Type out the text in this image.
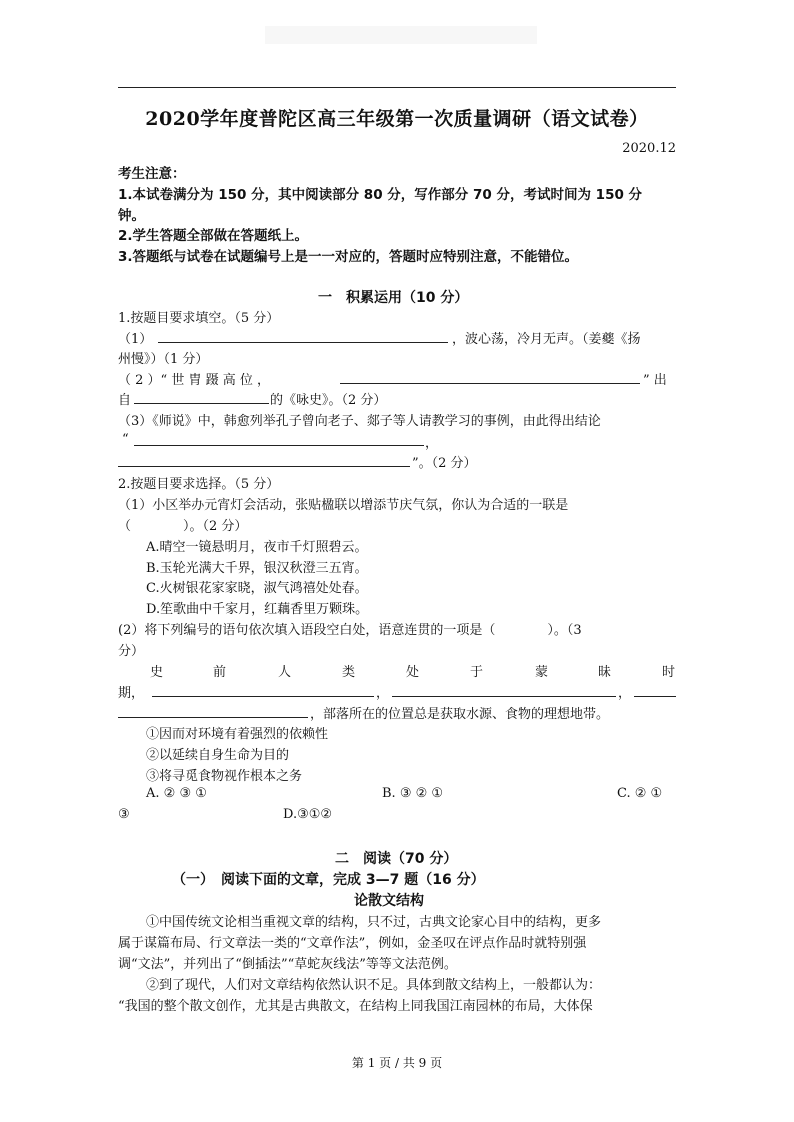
2020学年度普陀区高三年级第一次质量调研（语文试卷）
2020.12
考生注意：
1.本试卷满分为 150 分，其中阅读部分 80 分，写作部分 70 分，考试时间为 150 分
钟。
2.学生答题全部做在答题纸上。
3.答题纸与试卷在试题编号上是一一对应的，答题时应特别注意，不能错位。
一　积累运用（10 分）
1.按题目要求填空。（5 分）
（1）	，波心荡，冷月无声。（姜夔《扬
州慢》）（1 分）
（ 2 ）“ 世 胄 蹑 高 位 ，	” 出
自	的《咏史》。（2 分）
（3）《师说》中，韩愈列举孔子曾向老子、郯子等人请教学习的事例，由此得出结论
“	，
”。（2 分）
2.按题目要求选择。（5 分）
（1）小区举办元宵灯会活动，张贴楹联以增添节庆气氛，你认为合适的一联是
（　　　　）。（2 分）
A.晴空一镜悬明月，夜市千灯照碧云。
B.玉轮光满大千界，银汉秋澄三五宵。
C.火树银花家家晓，淑气鸿禧处处春。
D.笙歌曲中千家月，红藕香里万颗珠。
(2）将下列编号的语句依次填入语段空白处，语意连贯的一项是（　　　　）。（3
分）
史	前	人	类	处	于	蒙	昧	时
期，	，	，
，部落所在的位置总是获取水源、食物的理想地带。
①因而对环境有着强烈的依赖性
②以延续自身生命为目的
③将寻觅食物视作根本之务
A. ② ③ ①	B. ③ ② ①	C. ② ①
③	D.③①②
二　阅读（70 分）
（一）　阅读下面的文章，完成 3—7 题（16 分）
论散文结构
①中国传统文论相当重视文章的结构，只不过，古典文论家心目中的结构，更多
属于谋篇布局、行文章法一类的“文章作法”，例如，金圣叹在评点作品时就特别强
调“文法”，并列出了“倒插法”“草蛇灰线法”等等文法范例。
②到了现代，人们对文章结构依然认识不足。具体到散文结构上，一般都认为：
“我国的整个散文创作，尤其是古典散文，在结构上同我国江南园林的布局，大体保
第 1 页 / 共 9 页
